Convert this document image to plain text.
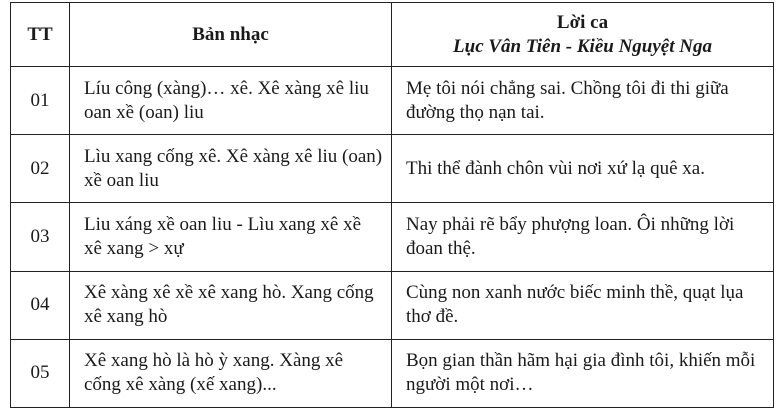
TT	Bản nhạc	Lời ca
Lục Vân Tiên - Kiều Nguyệt Nga

01	Líu công (xàng)… xê. Xê xàng xê liu oan xề (oan) liu	Mẹ tôi nói chẳng sai. Chồng tôi đi thi giữa đường thọ nạn tai.
02	Lìu xang cống xê. Xê xàng xê liu (oan) xề oan liu	Thi thể đành chôn vùi nơi xứ lạ quê xa.
03	Liu xáng xề oan liu - Lìu xang xê xề xê xang > xự	Nay phải rẽ bẩy phượng loan. Ôi những lời đoan thệ.
04	Xê xàng xê xề xê xang hò. Xang cống xê xang hò	Cùng non xanh nước biếc minh thề, quạt lụa thơ đề.
05	Xê xang hò là hò ỳ xang. Xàng xê cống xê xàng (xế xang)...	Bọn gian thần hãm hại gia đình tôi, khiến mỗi người một nơi…
